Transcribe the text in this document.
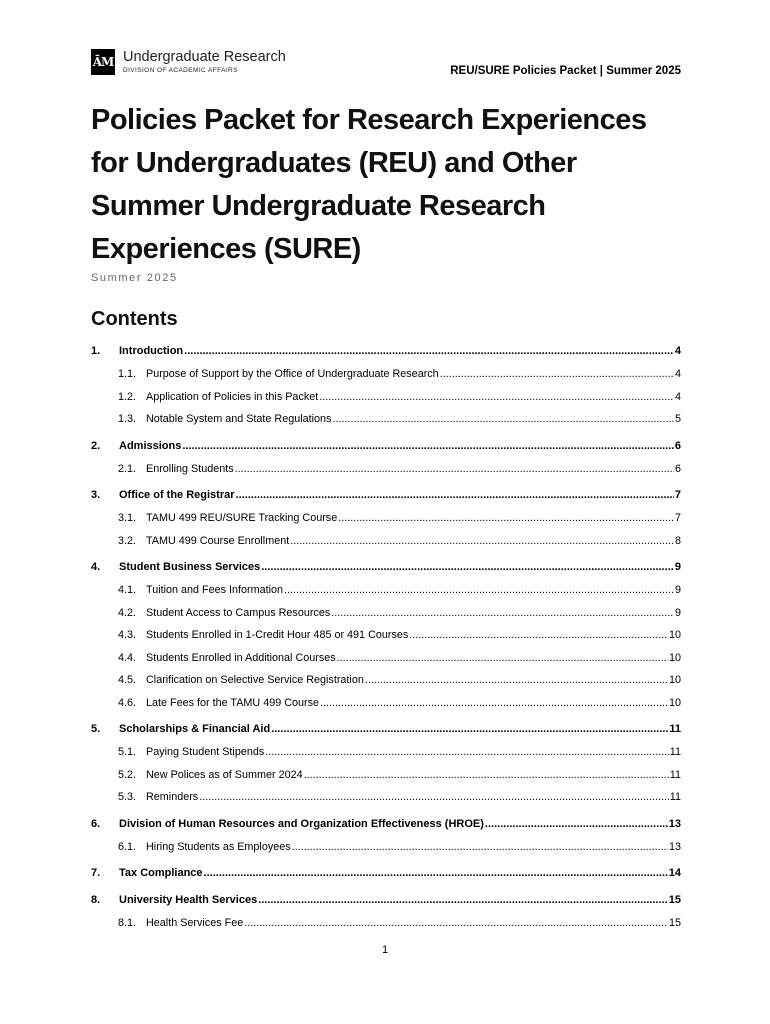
ĀM Undergraduate Research
DIVISION OF ACADEMIC AFFAIRS	REU/SURE Policies Packet | Summer 2025
Policies Packet for Research Experiences for Undergraduates (REU) and Other Summer Undergraduate Research Experiences (SURE)
Summer 2025
Contents
1.	Introduction .....	4
1.1. Purpose of Support by the Office of Undergraduate Research .....	4
1.2. Application of Policies in this Packet .....	4
1.3. Notable System and State Regulations .....	5
2.	Admissions .....	6
2.1. Enrolling Students .....	6
3.	Office of the Registrar .....	7
3.1. TAMU 499 REU/SURE Tracking Course .....	7
3.2. TAMU 499 Course Enrollment .....	8
4.	Student Business Services .....	9
4.1. Tuition and Fees Information .....	9
4.2. Student Access to Campus Resources .....	9
4.3. Students Enrolled in 1-Credit Hour 485 or 491 Courses .....	10
4.4. Students Enrolled in Additional Courses .....	10
4.5. Clarification on Selective Service Registration .....	10
4.6. Late Fees for the TAMU 499 Course .....	10
5.	Scholarships & Financial Aid .....	11
5.1. Paying Student Stipends .....	11
5.2. New Polices as of Summer 2024 .....	11
5.3. Reminders .....	11
6.	Division of Human Resources and Organization Effectiveness (HROE) .....	13
6.1. Hiring Students as Employees .....	13
7.	Tax Compliance .....	14
8.	University Health Services .....	15
8.1. Health Services Fee .....	15
1
